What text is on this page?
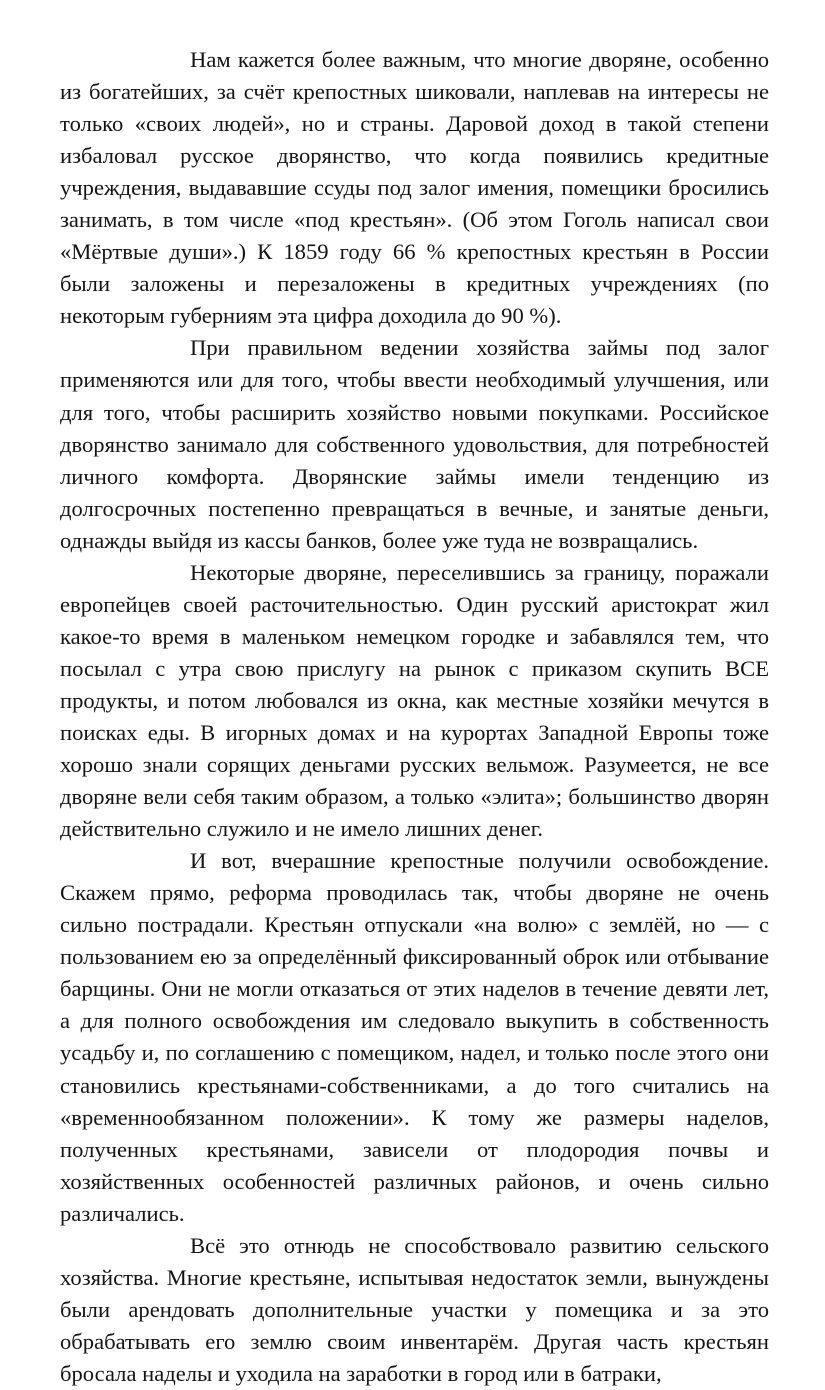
Нам кажется более важным, что многие дворяне, особенно из богатейших, за счёт крепостных шиковали, наплевав на интересы не только «своих людей», но и страны. Даровой доход в такой степени избаловал русское дворянство, что когда появились кредитные учреждения, выдававшие ссуды под залог имения, помещики бросились занимать, в том числе «под крестьян». (Об этом Гоголь написал свои «Мёртвые души».) К 1859 году 66 % крепостных крестьян в России были заложены и перезаложены в кредитных учреждениях (по некоторым губерниям эта цифра доходила до 90 %).

При правильном ведении хозяйства займы под залог применяются или для того, чтобы ввести необходимый улучшения, или для того, чтобы расширить хозяйство новыми покупками. Российское дворянство занимало для собственного удовольствия, для потребностей личного комфорта. Дворянские займы имели тенденцию из долгосрочных постепенно превращаться в вечные, и занятые деньги, однажды выйдя из кассы банков, более уже туда не возвращались.

Некоторые дворяне, переселившись за границу, поражали европейцев своей расточительностью. Один русский аристократ жил какое-то время в маленьком немецком городке и забавлялся тем, что посылал с утра свою прислугу на рынок с приказом скупить ВСЕ продукты, и потом любовался из окна, как местные хозяйки мечутся в поисках еды. В игорных домах и на курортах Западной Европы тоже хорошо знали сорящих деньгами русских вельмож. Разумеется, не все дворяне вели себя таким образом, а только «элита»; большинство дворян действительно служило и не имело лишних денег.

И вот, вчерашние крепостные получили освобождение. Скажем прямо, реформа проводилась так, чтобы дворяне не очень сильно пострадали. Крестьян отпускали «на волю» с землёй, но — с пользованием ею за определённый фиксированный оброк или отбывание барщины. Они не могли отказаться от этих наделов в течение девяти лет, а для полного освобождения им следовало выкупить в собственность усадьбу и, по соглашению с помещиком, надел, и только после этого они становились крестьянами-собственниками, а до того считались на «временнообязанном положении». К тому же размеры наделов, полученных крестьянами, зависели от плодородия почвы и хозяйственных особенностей различных районов, и очень сильно различались.

Всё это отнюдь не способствовало развитию сельского хозяйства. Многие крестьяне, испытывая недостаток земли, вынуждены были арендовать дополнительные участки у помещика и за это обрабатывать его землю своим инвентарём. Другая часть крестьян бросала наделы и уходила на заработки в город или в батраки,
